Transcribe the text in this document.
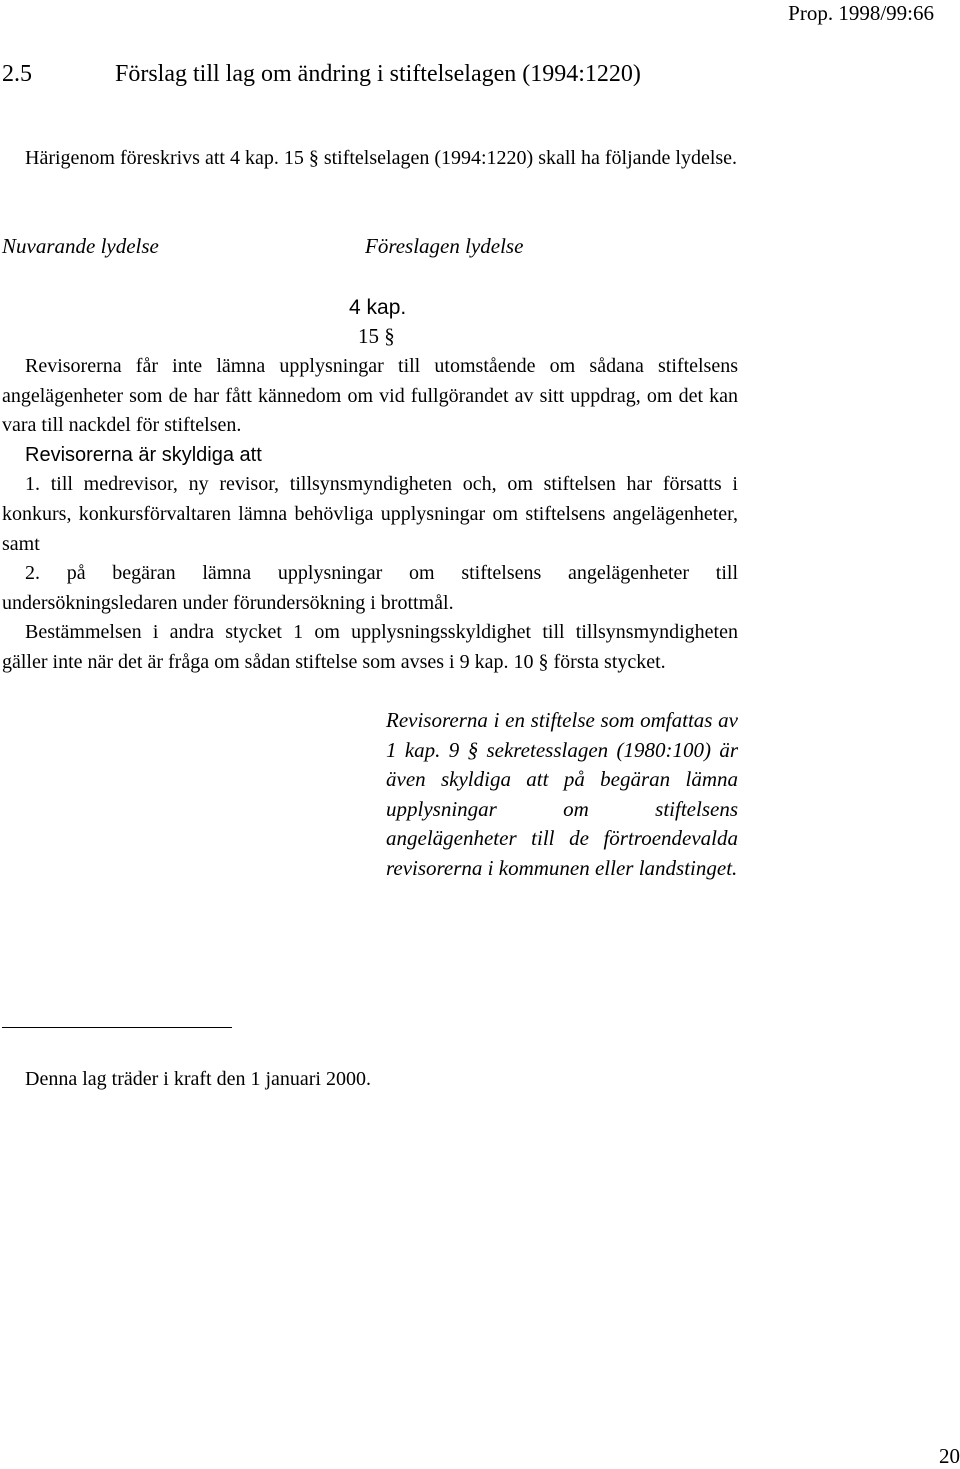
Prop. 1998/99:66
2.5	Förslag till lag om ändring i stiftelselagen (1994:1220)

Härigenom föreskrivs att 4 kap. 15 § stiftelselagen (1994:1220) skall ha följande lydelse.

Nuvarande lydelse	Föreslagen lydelse
4 kap.
15 §

Revisorerna får inte lämna upplysningar till utomstående om sådana stiftelsens angelägenheter som de har fått kännedom om vid fullgörandet av sitt uppdrag, om det kan vara till nackdel för stiftelsen.

Revisorerna är skyldiga att

1. till medrevisor, ny revisor, tillsynsmyndigheten och, om stiftelsen har försatts i konkurs, konkursförvaltaren lämna behövliga upplysningar om stiftelsens angelägenheter, samt

2. på begäran lämna upplysningar om stiftelsens angelägenheter till undersökningsledaren under förundersökning i brottmål.

Bestämmelsen i andra stycket 1 om upplysningsskyldighet till tillsynsmyndigheten gäller inte när det är fråga om sådan stiftelse som avses i 9 kap. 10 § första stycket.

Revisorerna i en stiftelse som omfattas av 1 kap. 9 § sekretesslagen (1980:100) är även skyldiga att på begäran lämna upplysningar om stiftelsens angelägenheter till de förtroendevalda revisorerna i kommunen eller landstinget.

Denna lag träder i kraft den 1 januari 2000.
20
